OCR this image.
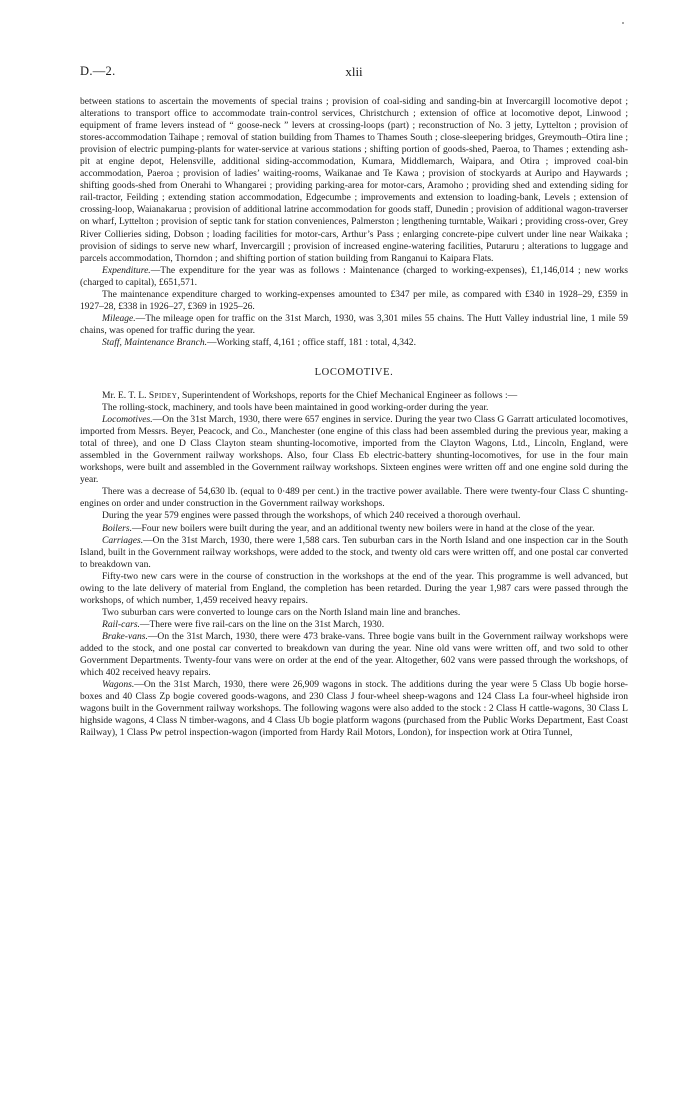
D.—2.	xlii

between stations to ascertain the movements of special trains ; provision of coal-siding and sanding-bin at Invercargill locomotive depot ; alterations to transport office to accommodate train-control services, Christchurch ; extension of office at locomotive depot, Linwood ; equipment of frame levers instead of “ goose-neck ” levers at crossing-loops (part) ; reconstruction of No. 3 jetty, Lyttelton ; provision of stores-accommodation Taihape ; removal of station building from Thames to Thames South ; close-sleepering bridges, Greymouth–Otira line ; provision of electric pumping-plants for water-service at various stations ; shifting portion of goods-shed, Paeroa, to Thames ; extending ash-pit at engine depot, Helensville, additional siding-accommodation, Kumara, Middlemarch, Waipara, and Otira ; improved coal-bin accommodation, Paeroa ; provision of ladies’ waiting-rooms, Waikanae and Te Kawa ; provision of stockyards at Auripo and Haywards ; shifting goods-shed from Onerahi to Whangarei ; providing parking-area for motor-cars, Aramoho ; providing shed and extending siding for rail-tractor, Feilding ; extending station accommodation, Edgecumbe ; improvements and extension to loading-bank, Levels ; extension of crossing-loop, Waianakarua ; provision of additional latrine accommodation for goods staff, Dunedin ; provision of additional wagon-traverser on wharf, Lyttelton ; provision of septic tank for station conveniences, Palmerston ; lengthening turntable, Waikari ; providing cross-over, Grey River Collieries siding, Dobson ; loading facilities for motor-cars, Arthur’s Pass ; enlarging concrete-pipe culvert under line near Waikaka ; provision of sidings to serve new wharf, Invercargill ; provision of increased engine-watering facilities, Putaruru ; alterations to luggage and parcels accommodation, Thorndon ; and shifting portion of station building from Ranganui to Kaipara Flats.

Expenditure.—The expenditure for the year was as follows : Maintenance (charged to working-expenses), £1,146,014 ; new works (charged to capital), £651,571.

The maintenance expenditure charged to working-expenses amounted to £347 per mile, as compared with £340 in 1928–29, £359 in 1927–28, £338 in 1926–27, £369 in 1925–26.

Mileage.—The mileage open for traffic on the 31st March, 1930, was 3,301 miles 55 chains. The Hutt Valley industrial line, 1 mile 59 chains, was opened for traffic during the year.

Staff, Maintenance Branch.—Working staff, 4,161 ; office staff, 181 : total, 4,342.

LOCOMOTIVE.

Mr. E. T. L. Spidey, Superintendent of Workshops, reports for the Chief Mechanical Engineer as follows :—

The rolling-stock, machinery, and tools have been maintained in good working-order during the year.

Locomotives.—On the 31st March, 1930, there were 657 engines in service. During the year two Class G Garratt articulated locomotives, imported from Messrs. Beyer, Peacock, and Co., Manchester (one engine of this class had been assembled during the previous year, making a total of three), and one D Class Clayton steam shunting-locomotive, imported from the Clayton Wagons, Ltd., Lincoln, England, were assembled in the Government railway workshops. Also, four Class Eb electric-battery shunting-locomotives, for use in the four main workshops, were built and assembled in the Government railway workshops. Sixteen engines were written off and one engine sold during the year.

There was a decrease of 54,630 lb. (equal to 0·489 per cent.) in the tractive power available. There were twenty-four Class C shunting-engines on order and under construction in the Government railway workshops.

During the year 579 engines were passed through the workshops, of which 240 received a thorough overhaul.

Boilers.—Four new boilers were built during the year, and an additional twenty new boilers were in hand at the close of the year.

Carriages.—On the 31st March, 1930, there were 1,588 cars. Ten suburban cars in the North Island and one inspection car in the South Island, built in the Government railway workshops, were added to the stock, and twenty old cars were written off, and one postal car converted to breakdown van.

Fifty-two new cars were in the course of construction in the workshops at the end of the year. This programme is well advanced, but owing to the late delivery of material from England, the completion has been retarded. During the year 1,987 cars were passed through the workshops, of which number, 1,459 received heavy repairs.

Two suburban cars were converted to lounge cars on the North Island main line and branches.

Rail-cars.—There were five rail-cars on the line on the 31st March, 1930.

Brake-vans.—On the 31st March, 1930, there were 473 brake-vans. Three bogie vans built in the Government railway workshops were added to the stock, and one postal car converted to breakdown van during the year. Nine old vans were written off, and two sold to other Government Departments. Twenty-four vans were on order at the end of the year. Altogether, 602 vans were passed through the workshops, of which 402 received heavy repairs.

Wagons.—On the 31st March, 1930, there were 26,909 wagons in stock. The additions during the year were 5 Class Ub bogie horse-boxes and 40 Class Zp bogie covered goods-wagons, and 230 Class J four-wheel sheep-wagons and 124 Class La four-wheel highside iron wagons built in the Government railway workshops. The following wagons were also added to the stock : 2 Class H cattle-wagons, 30 Class L highside wagons, 4 Class N timber-wagons, and 4 Class Ub bogie platform wagons (purchased from the Public Works Department, East Coast Railway), 1 Class Pw petrol inspection-wagon (imported from Hardy Rail Motors, London), for inspection work at Otira Tunnel,
